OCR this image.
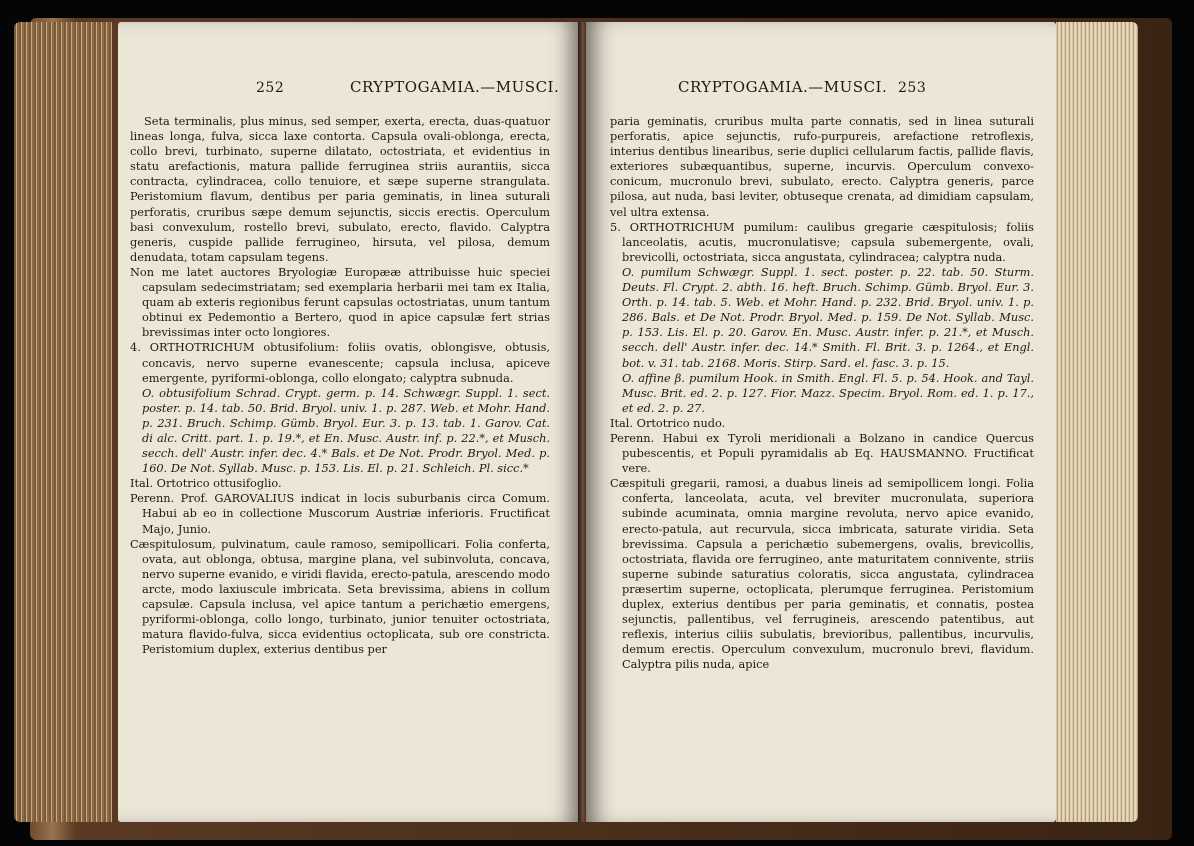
252	CRYPTOGAMIA.—MUSCI.

Seta terminalis, plus minus, sed semper, exerta, erecta, duas-quatuor lineas longa, fulva, sicca laxe contorta. Capsula ovali-oblonga, erecta, collo brevi, turbinato, superne dilatato, octostriata, et evidentius in statu arefactionis, matura pallide ferruginea striis aurantiis, sicca contracta, cylindracea, collo tenuiore, et sæpe superne strangulata. Peristomium flavum, dentibus per paria geminatis, in linea suturali perforatis, cruribus sæpe demum sejunctis, siccis erectis. Operculum basi convexulum, rostello brevi, subulato, erecto, flavido. Calyptra generis, cuspide pallide ferrugineo, hirsuta, vel pilosa, demum denudata, totam capsulam tegens.

Non me latet auctores Bryologiæ Europææ attribuisse huic speciei capsulam sedecimstriatam; sed exemplaria herbarii mei tam ex Italia, quam ab exteris regionibus ferunt capsulas octostriatas, unum tantum obtinui ex Pedemontio a Bertero, quod in apice capsulæ fert strias brevissimas inter octo longiores.

4. ORTHOTRICHUM obtusifolium: foliis ovatis, oblongisve, obtusis, concavis, nervo superne evanescente; capsula inclusa, apiceve emergente, pyriformi-oblonga, collo elongato; calyptra subnuda.

O. obtusifolium Schrad. Crypt. germ. p. 14. Schwægr. Suppl. 1. sect. poster. p. 14. tab. 50. Brid. Bryol. univ. 1. p. 287. Web. et Mohr. Hand. p. 231. Bruch. Schimp. Gümb. Bryol. Eur. 3. p. 13. tab. 1. Garov. Cat. di alc. Critt. part. 1. p. 19.*, et En. Musc. Austr. inf. p. 22.*, et Musch. secch. dell' Austr. infer. dec. 4.* Bals. et De Not. Prodr. Bryol. Med. p. 160. De Not. Syllab. Musc. p. 153. Lis. El. p. 21. Schleich. Pl. sicc.*

Ital. Ortotrico ottusifoglio.

Perenn. Prof. GAROVALIUS indicat in locis suburbanis circa Comum. Habui ab eo in collectione Muscorum Austriæ inferioris. Fructificat Majo, Junio.

Cæspitulosum, pulvinatum, caule ramoso, semipollicari. Folia conferta, ovata, aut oblonga, obtusa, margine plana, vel subinvoluta, concava, nervo superne evanido, e viridi flavida, erecto-patula, arescendo modo arcte, modo laxiuscule imbricata. Seta brevissima, abiens in collum capsulæ. Capsula inclusa, vel apice tantum a perichætio emergens, pyriformi-oblonga, collo longo, turbinato, junior tenuiter octostriata, matura flavido-fulva, sicca evidentius octoplicata, sub ore constricta. Peristomium duplex, exterius dentibus per

CRYPTOGAMIA.—MUSCI. 253

paria geminatis, cruribus multa parte connatis, sed in linea suturali perforatis, apice sejunctis, rufo-purpureis, arefactione retroflexis, interius dentibus linearibus, serie duplici cellularum factis, pallide flavis, exteriores subæquantibus, superne, incurvis. Operculum convexo-conicum, mucronulo brevi, subulato, erecto. Calyptra generis, parce pilosa, aut nuda, basi leviter, obtuseque crenata, ad dimidiam capsulam, vel ultra extensa.

5. ORTHOTRICHUM pumilum: caulibus gregarie cæspitulosis; foliis lanceolatis, acutis, mucronulatisve; capsula subemergente, ovali, brevicolli, octostriata, sicca angustata, cylindracea; calyptra nuda.

O. pumilum Schwægr. Suppl. 1. sect. poster. p. 22. tab. 50. Sturm. Deuts. Fl. Crypt. 2. abth. 16. heft. Bruch. Schimp. Gümb. Bryol. Eur. 3. Orth. p. 14. tab. 5. Web. et Mohr. Hand. p. 232. Brid. Bryol. univ. 1. p. 286. Bals. et De Not. Prodr. Bryol. Med. p. 159. De Not. Syllab. Musc. p. 153. Lis. El. p. 20. Garov. En. Musc. Austr. infer. p. 21.*, et Musch. secch. dell' Austr. infer. dec. 14.* Smith. Fl. Brit. 3. p. 1264., et Engl. bot. v. 31. tab. 2168. Moris. Stirp. Sard. el. fasc. 3. p. 15.

O. affine β. pumilum Hook. in Smith. Engl. Fl. 5. p. 54. Hook. and Tayl. Musc. Brit. ed. 2. p. 127. Fior. Mazz. Specim. Bryol. Rom. ed. 1. p. 17., et ed. 2. p. 27.

Ital. Ortotrico nudo.

Perenn. Habui ex Tyroli meridionali a Bolzano in candice Quercus pubescentis, et Populi pyramidalis ab Eq. HAUSMANNO. Fructificat vere.

Cæspituli gregarii, ramosi, a duabus lineis ad semipollicem longi. Folia conferta, lanceolata, acuta, vel breviter mucronulata, superiora subinde acuminata, omnia margine revoluta, nervo apice evanido, erecto-patula, aut recurvula, sicca imbricata, saturate viridia. Seta brevissima. Capsula a perichætio subemergens, ovalis, brevicollis, octostriata, flavida ore ferrugineo, ante maturitatem connivente, striis superne subinde saturatius coloratis, sicca angustata, cylindracea præsertim superne, octoplicata, plerumque ferruginea. Peristomium duplex, exterius dentibus per paria geminatis, et connatis, postea sejunctis, pallentibus, vel ferrugineis, arescendo patentibus, aut reflexis, interius ciliis subulatis, brevioribus, pallentibus, incurvulis, demum erectis. Operculum convexulum, mucronulo brevi, flavidum. Calyptra pilis nuda, apice
